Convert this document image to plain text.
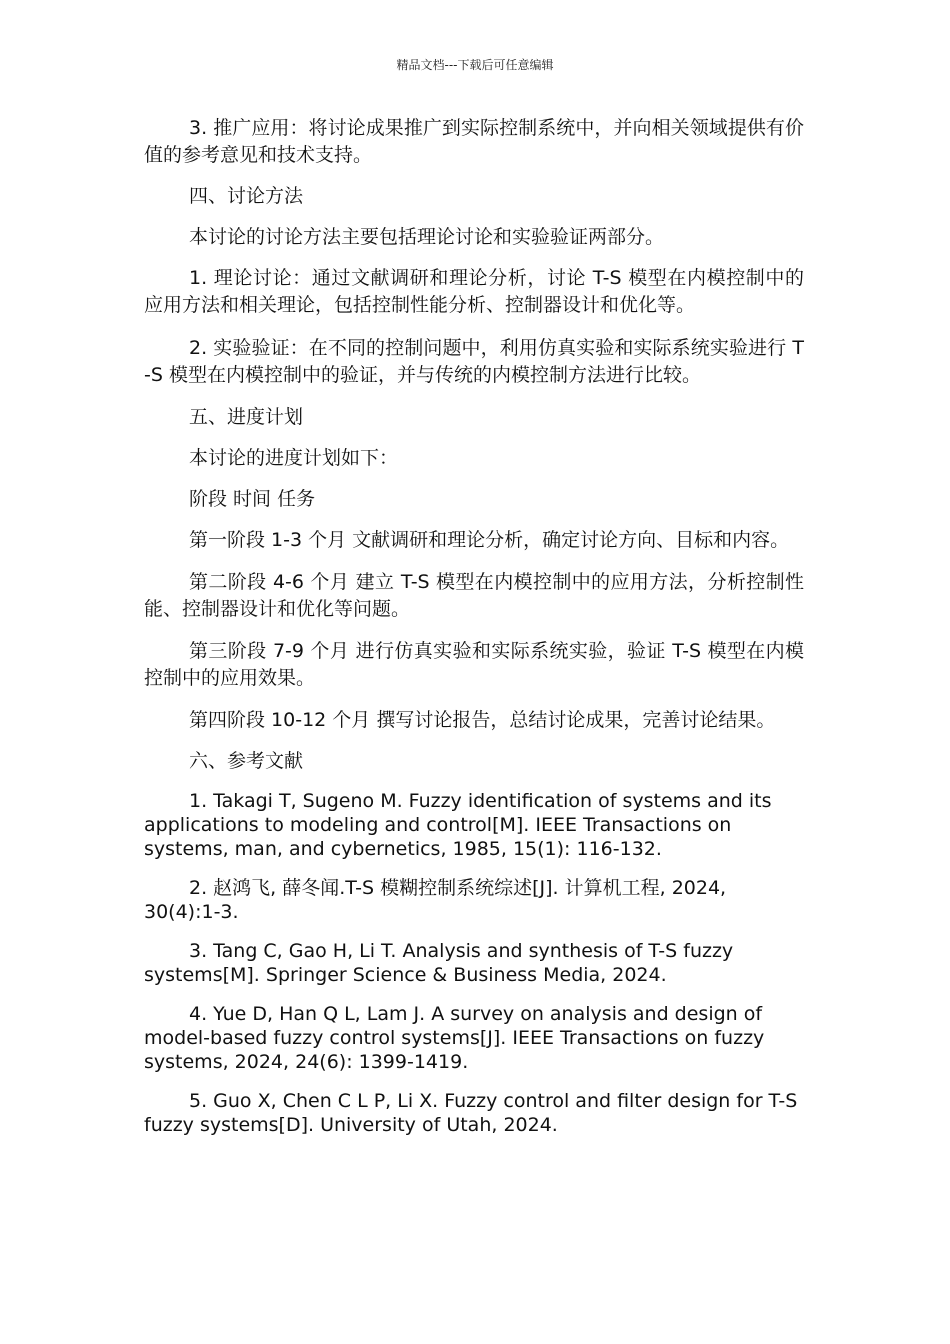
精品文档---下载后可任意编辑

3. 推广应用：将讨论成果推广到实际控制系统中，并向相关领域提供有价值的参考意见和技术支持。

四、讨论方法

本讨论的讨论方法主要包括理论讨论和实验验证两部分。

1. 理论讨论：通过文献调研和理论分析，讨论 T-S 模型在内模控制中的应用方法和相关理论，包括控制性能分析、控制器设计和优化等。

2. 实验验证：在不同的控制问题中，利用仿真实验和实际系统实验进行 T-S 模型在内模控制中的验证，并与传统的内模控制方法进行比较。

五、进度计划

本讨论的进度计划如下：

阶段 时间 任务

第一阶段 1-3 个月 文献调研和理论分析，确定讨论方向、目标和内容。

第二阶段 4-6 个月 建立 T-S 模型在内模控制中的应用方法，分析控制性能、控制器设计和优化等问题。

第三阶段 7-9 个月 进行仿真实验和实际系统实验，验证 T-S 模型在内模控制中的应用效果。

第四阶段 10-12 个月 撰写讨论报告，总结讨论成果，完善讨论结果。

六、参考文献

1. Takagi T, Sugeno M. Fuzzy identification of systems and its applications to modeling and control[M]. IEEE Transactions on systems, man, and cybernetics, 1985, 15(1): 116-132.

2. 赵鸿飞, 薛冬闻.T-S 模糊控制系统综述[J]. 计算机工程, 2024, 30(4):1-3.

3. Tang C, Gao H, Li T. Analysis and synthesis of T-S fuzzy systems[M]. Springer Science & Business Media, 2024.

4. Yue D, Han Q L, Lam J. A survey on analysis and design of model-based fuzzy control systems[J]. IEEE Transactions on fuzzy systems, 2024, 24(6): 1399-1419.

5. Guo X, Chen C L P, Li X. Fuzzy control and filter design for T-S fuzzy systems[D]. University of Utah, 2024.
